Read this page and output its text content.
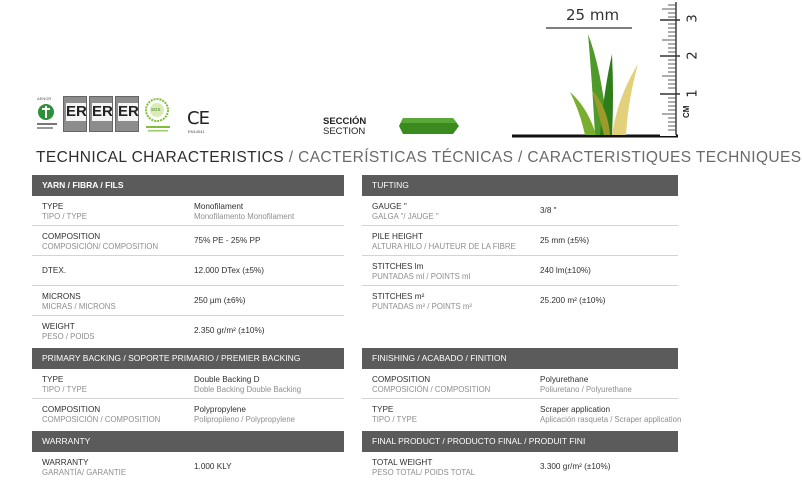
AENOR
ER ER ER	SGS CE
EN14041
SECCIÓN
SECTION
25 mm
1
2
3
CM
TECHNICAL CHARACTERISTICS / CACTERÍSTICAS TÉCNICAS / CARACTERISTIQUES TECHNIQUES
YARN / FIBRA / FILS
TYPE
TIPO / TYPE
Monofilament
Monofilamento Monofilament
COMPOSITION
COMPOSICIÓN/ COMPOSITION
75% PE - 25% PP
DTEX.	12.000 DTex (±5%)
MICRONS
MICRAS / MICRONS
250 µm (±6%)
WEIGHT
PESO / POIDS
2.350 gr/m² (±10%)
TUFTING
GAUGE "
GALGA "/ JAUGE "
3/8 "
PILE HEIGHT
ALTURA HILO / HAUTEUR DE LA FIBRE
25 mm (±5%)
STITCHES lm
PUNTADAS ml / POINTS ml
240 lm(±10%)
STITCHES m²
PUNTADAS m² / POINTS m²
25.200 m² (±10%)
PRIMARY BACKING / SOPORTE PRIMARIO / PREMIER BACKING
TYPE
TIPO / TYPE
Double Backing D
Doble Backing Double Backing
COMPOSITION
COMPOSICIÓN / COMPOSITION
Polypropylene
Polipropileno / Polypropylene
FINISHING / ACABADO / FINITION
COMPOSITION
COMPOSICIÓN / COMPOSITION
Polyurethane
Poliuretano / Polyurethane
TYPE
TIPO / TYPE
Scraper application
Aplicación rasqueta / Scraper application
WARRANTY
WARRANTY
GARANTÍA/ GARANTIE
1.000 KLY
FINAL PRODUCT / PRODUCTO FINAL / PRODUIT FINI
TOTAL WEIGHT
PESO TOTAL/ POIDS TOTAL
3.300 gr/m² (±10%)
